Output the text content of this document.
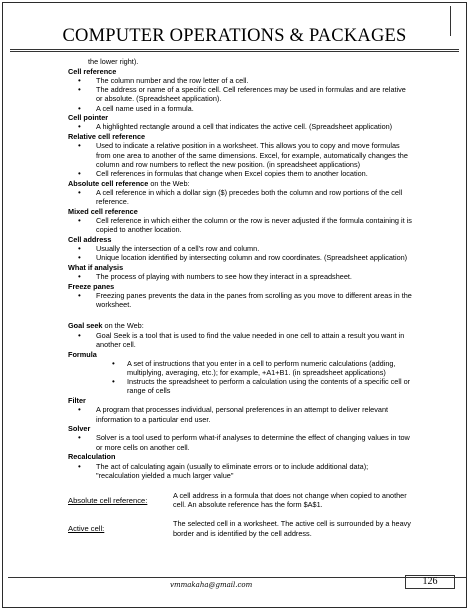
COMPUTER OPERATIONS & PACKAGES
the lower right).
Cell reference
• The column number and the row letter of a cell.
• The address or name of a specific cell. Cell references may be used in formulas and are relative or absolute. (Spreadsheet application).
• A cell name used in a formula.
Cell pointer
• A highlighted rectangle around a cell that indicates the active cell. (Spreadsheet application)
Relative cell reference
• Used to indicate a relative position in a worksheet. This allows you to copy and move formulas from one area to another of the same dimensions. Excel, for example, automatically changes the column and row numbers to reflect the new position. (in spreadsheet applications)
• Cell references in formulas that change when Excel copies them to another location.
Absolute cell reference on the Web:
• A cell reference in which a dollar sign ($) precedes both the column and row portions of the cell reference.
Mixed cell reference
• Cell reference in which either the column or the row is never adjusted if the formula containing it is copied to another location.
Cell address
• Usually the intersection of a cell's row and column.
• Unique location identified by intersecting column and row coordinates. (Spreadsheet application)
What if analysis
• The process of playing with numbers to see how they interact in a spreadsheet.
Freeze panes
• Freezing panes prevents the data in the panes from scrolling as you move to different areas in the worksheet.
Goal seek on the Web:
• Goal Seek is a tool that is used to find the value needed in one cell to attain a result you want in another cell.
Formula
• A set of instructions that you enter in a cell to perform numeric calculations (adding, multiplying, averaging, etc.); for example, +A1+B1. (in spreadsheet applications)
• Instructs the spreadsheet to perform a calculation using the contents of a specific cell or range of cells
Filter
• A program that processes individual, personal preferences in an attempt to deliver relevant information to a particular end user.
Solver
• Solver is a tool used to perform what-if analyses to determine the effect of changing values in tow or more cells on another cell.
Recalculation
• The act of calculating again (usually to eliminate errors or to include additional data); "recalculation yielded a much larger value"
Absolute cell reference:	A cell address in a formula that does not change when copied to another cell. An absolute reference has the form $A$1.
Active cell:	The selected cell in a worksheet. The active cell is surrounded by a heavy border and is identified by the cell address.
vmmakaha@gmail.com	126
